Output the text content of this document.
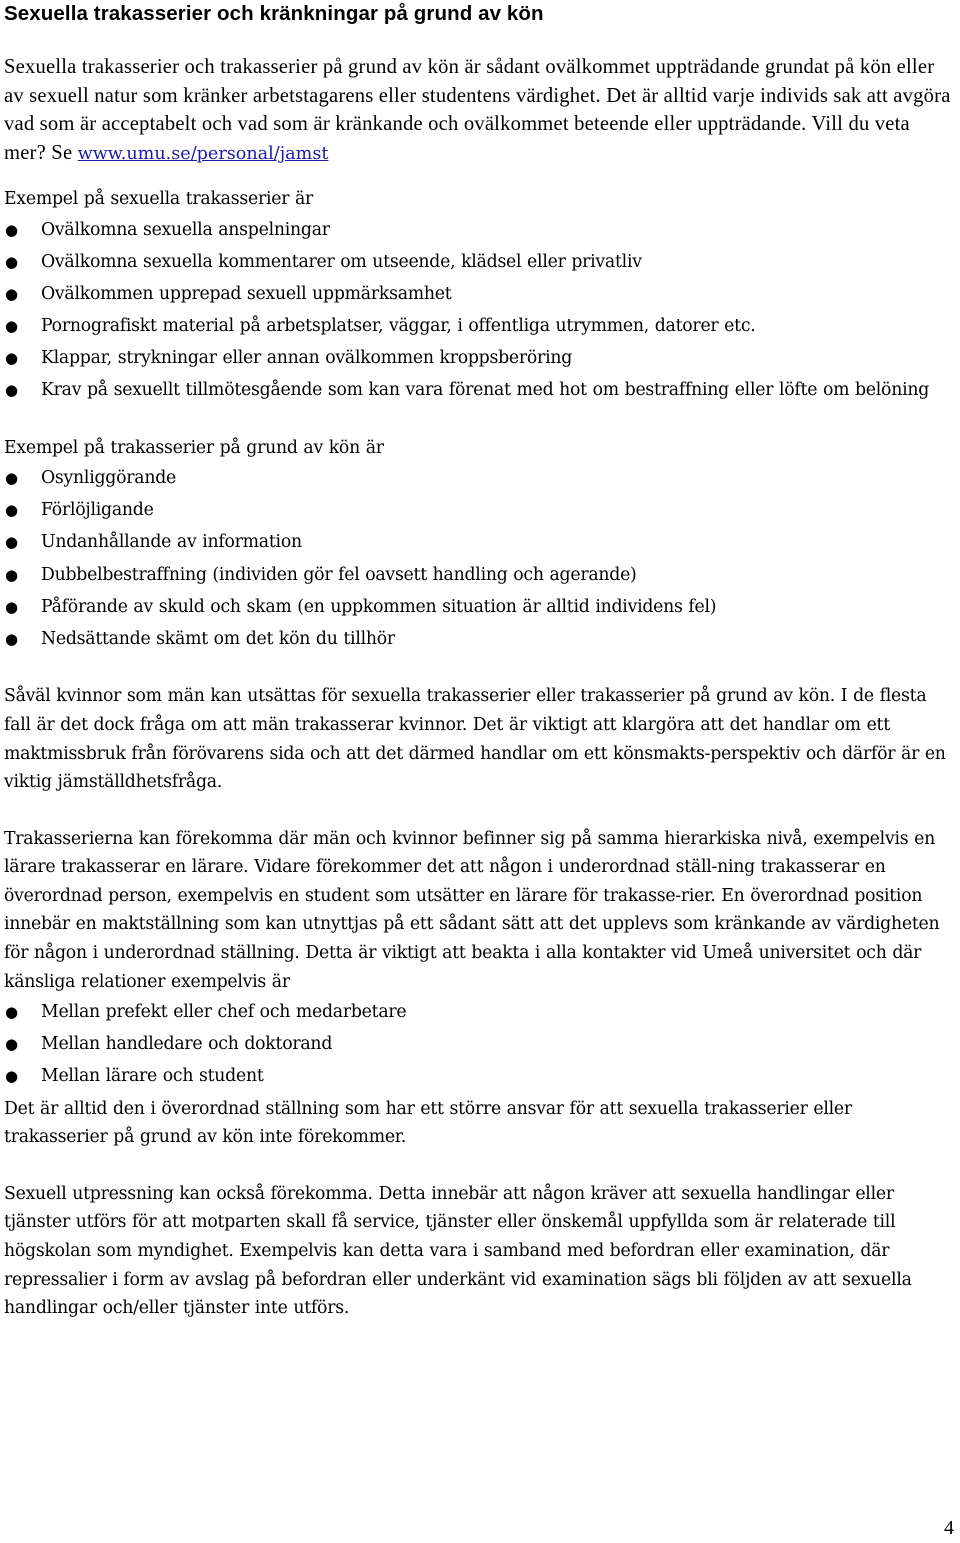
Sexuella trakasserier och kränkningar på grund av kön

Sexuella trakasserier och trakasserier på grund av kön är sådant ovälkommet uppträdande grundat på kön eller av sexuell natur som kränker arbetstagarens eller studentens värdighet. Det är alltid varje individs sak att avgöra vad som är acceptabelt och vad som är kränkande och ovälkommet beteende eller uppträdande. Vill du veta mer? Se www.umu.se/personal/jamst

Exempel på sexuella trakasserier är

● Ovälkomna sexuella anspelningar
● Ovälkomna sexuella kommentarer om utseende, klädsel eller privatliv
● Ovälkommen upprepad sexuell uppmärksamhet
● Pornografiskt material på arbetsplatser, väggar, i offentliga utrymmen, datorer etc.
● Klappar, strykningar eller annan ovälkommen kroppsberöring
● Krav på sexuellt tillmötesgående som kan vara förenat med hot om bestraffning eller löfte om belöning

Exempel på trakasserier på grund av kön är

● Osynliggörande
● Förlöjligande
● Undanhållande av information
● Dubbelbestraffning (individen gör fel oavsett handling och agerande)
● Påförande av skuld och skam (en uppkommen situation är alltid individens fel)
● Nedsättande skämt om det kön du tillhör

Såväl kvinnor som män kan utsättas för sexuella trakasserier eller trakasserier på grund av kön. I de flesta fall är det dock fråga om att män trakasserar kvinnor. Det är viktigt att klargöra att det handlar om ett maktmissbruk från förövarens sida och att det därmed handlar om ett könsmakts-perspektiv och därför är en viktig jämställdhetsfråga.

Trakasserierna kan förekomma där män och kvinnor befinner sig på samma hierarkiska nivå, exempelvis en lärare trakasserar en lärare. Vidare förekommer det att någon i underordnad ställ-ning trakasserar en överordnad person, exempelvis en student som utsätter en lärare för trakasse-rier. En överordnad position innebär en maktställning som kan utnyttjas på ett sådant sätt att det upplevs som kränkande av värdigheten för någon i underordnad ställning. Detta är viktigt att beakta i alla kontakter vid Umeå universitet och där känsliga relationer exempelvis är

● Mellan prefekt eller chef och medarbetare
● Mellan handledare och doktorand
● Mellan lärare och student

Det är alltid den i överordnad ställning som har ett större ansvar för att sexuella trakasserier eller trakasserier på grund av kön inte förekommer.

Sexuell utpressning kan också förekomma. Detta innebär att någon kräver att sexuella handlingar eller tjänster utförs för att motparten skall få service, tjänster eller önskemål uppfyllda som är relaterade till högskolan som myndighet. Exempelvis kan detta vara i samband med befordran eller examination, där repressalier i form av avslag på befordran eller underkänt vid examination sägs bli följden av att sexuella handlingar och/eller tjänster inte utförs.

4
